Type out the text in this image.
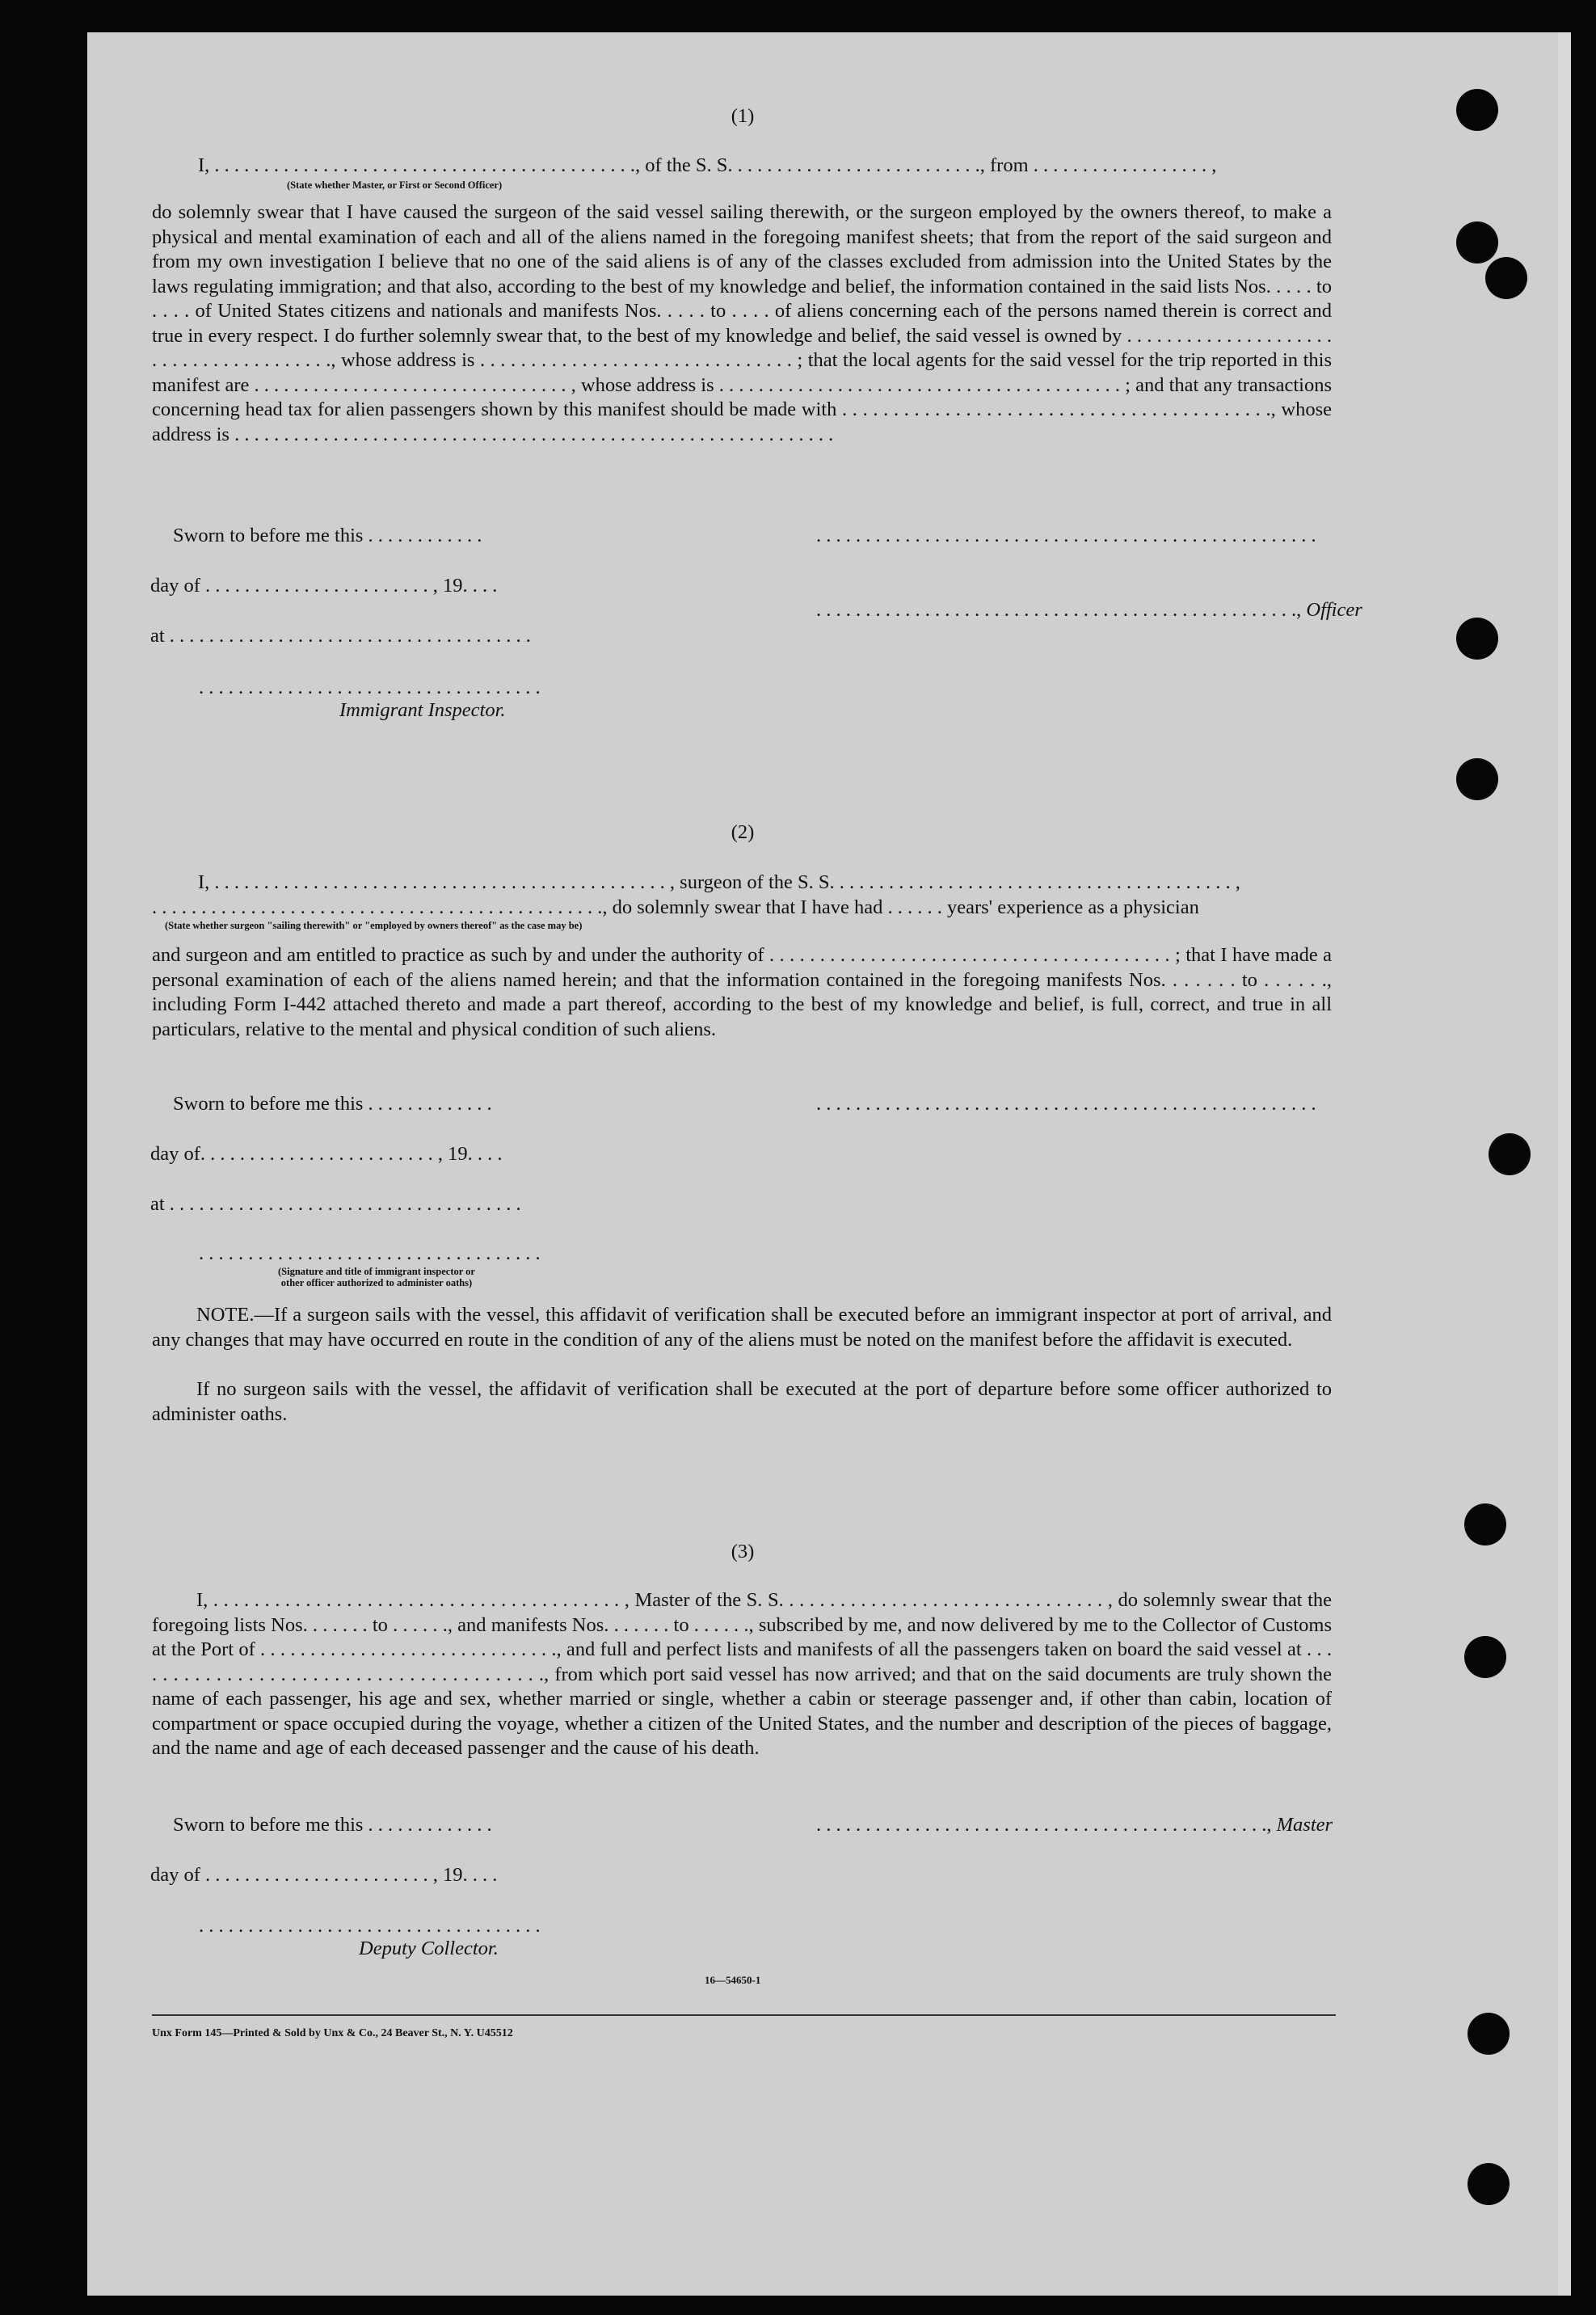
(1)
I, . . . . . . . . . . . . . . . . . . . . . . . . . . . . . . . . . . . . . . . . . . ., of the S. S. . . . . . . . . . . . . . . . . . . . . . . . . ., from . . . . . . . . . . . . . . . . . . ,
(State whether Master, or First or Second Officer)
do solemnly swear that I have caused the surgeon of the said vessel sailing therewith, or the surgeon employed by the owners thereof, to make a physical and mental examination of each and all of the aliens named in the foregoing manifest sheets; that from the report of the said surgeon and from my own investigation I believe that no one of the said aliens is of any of the classes excluded from admission into the United States by the laws regulating immigration; and that also, according to the best of my knowledge and belief, the information contained in the said lists Nos. . . . . to . . . . of United States citizens and nationals and manifests Nos. . . . . to . . . . of aliens concerning each of the persons named therein is correct and true in every respect. I do further solemnly swear that, to the best of my knowledge and belief, the said vessel is owned by . . . . . . . . . . . . . . . . . . . . . . . . . . . . . . . . . . . . . . ., whose address is . . . . . . . . . . . . . . . . . . . . . . . . . . . . . . . ; that the local agents for the said vessel for the trip reported in this manifest are . . . . . . . . . . . . . . . . . . . . . . . . . . . . . . . . , whose address is . . . . . . . . . . . . . . . . . . . . . . . . . . . . . . . . . . . . . . . . . ; and that any transactions concerning head tax for alien passengers shown by this manifest should be made with . . . . . . . . . . . . . . . . . . . . . . . . . . . . . . . . . . . . . . . . . ., whose address is . . . . . . . . . . . . . . . . . . . . . . . . . . . . . . . . . . . . . . . . . . . . . . . . . . . . . . . . . . . . .
Sworn to before me this . . . . . . . . . . . .	. . . . . . . . . . . . . . . . . . . . . . . . . . . . . . . . . . . . . . . . . . . . . . . . . . .
day of . . . . . . . . . . . . . . . . . . . . . . . , 19. . . .
. . . . . . . . . . . . . . . . . . . . . . . . . . . . . . . . . . . . . . . . . . . . . . . . ., Officer
at . . . . . . . . . . . . . . . . . . . . . . . . . . . . . . . . . . . . .
. . . . . . . . . . . . . . . . . . . . . . . . . . . . . . . . . . .
Immigrant Inspector.
(2)
I, . . . . . . . . . . . . . . . . . . . . . . . . . . . . . . . . . . . . . . . . . . . . . . , surgeon of the S. S. . . . . . . . . . . . . . . . . . . . . . . . . . . . . . . . . . . . . . . . . ,
. . . . . . . . . . . . . . . . . . . . . . . . . . . . . . . . . . . . . . . . . . . . . ., do solemnly swear that I have had . . . . . . years' experience as a physician
(State whether surgeon "sailing therewith" or "employed by owners thereof" as the case may be)
and surgeon and am entitled to practice as such by and under the authority of . . . . . . . . . . . . . . . . . . . . . . . . . . . . . . . . . . . . . . . . ; that I have made a personal examination of each of the aliens named herein; and that the information contained in the foregoing manifests Nos. . . . . . . to . . . . . ., including Form I-442 attached thereto and made a part thereof, according to the best of my knowledge and belief, is full, correct, and true in all particulars, relative to the mental and physical condition of such aliens.
Sworn to before me this . . . . . . . . . . . . .	. . . . . . . . . . . . . . . . . . . . . . . . . . . . . . . . . . . . . . . . . . . . . . . . . . .
day of. . . . . . . . . . . . . . . . . . . . . . . . , 19. . . .
at . . . . . . . . . . . . . . . . . . . . . . . . . . . . . . . . . . . .
. . . . . . . . . . . . . . . . . . . . . . . . . . . . . . . . . . .
(Signature and title of immigrant inspector or
other officer authorized to administer oaths)
NOTE.—If a surgeon sails with the vessel, this affidavit of verification shall be executed before an immigrant inspector at port of arrival, and any changes that may have occurred en route in the condition of any of the aliens must be noted on the manifest before the affidavit is executed.
If no surgeon sails with the vessel, the affidavit of verification shall be executed at the port of departure before some officer authorized to administer oaths.
(3)
I, . . . . . . . . . . . . . . . . . . . . . . . . . . . . . . . . . . . . . . . . , Master of the S. S. . . . . . . . . . . . . . . . . . . . . . . . . . . . . . . . , do solemnly swear that the foregoing lists Nos. . . . . . . to . . . . . ., and manifests Nos. . . . . . . to . . . . . ., subscribed by me, and now delivered by me to the Collector of Customs at the Port of . . . . . . . . . . . . . . . . . . . . . . . . . . . . . ., and full and perfect lists and manifests of all the passengers taken on board the said vessel at . . . . . . . . . . . . . . . . . . . . . . . . . . . . . . . . . . . . . . . ., from which port said vessel has now arrived; and that on the said documents are truly shown the name of each passenger, his age and sex, whether married or single, whether a cabin or steerage passenger and, if other than cabin, location of compartment or space occupied during the voyage, whether a citizen of the United States, and the number and description of the pieces of baggage, and the name and age of each deceased passenger and the cause of his death.
Sworn to before me this . . . . . . . . . . . . .	. . . . . . . . . . . . . . . . . . . . . . . . . . . . . . . . . . . . . . . . . . . . . ., Master
day of . . . . . . . . . . . . . . . . . . . . . . . , 19. . . .
. . . . . . . . . . . . . . . . . . . . . . . . . . . . . . . . . . .
Deputy Collector.
16—54650-1
Unx Form 145—Printed & Sold by Unx & Co., 24 Beaver St., N. Y. U45512
